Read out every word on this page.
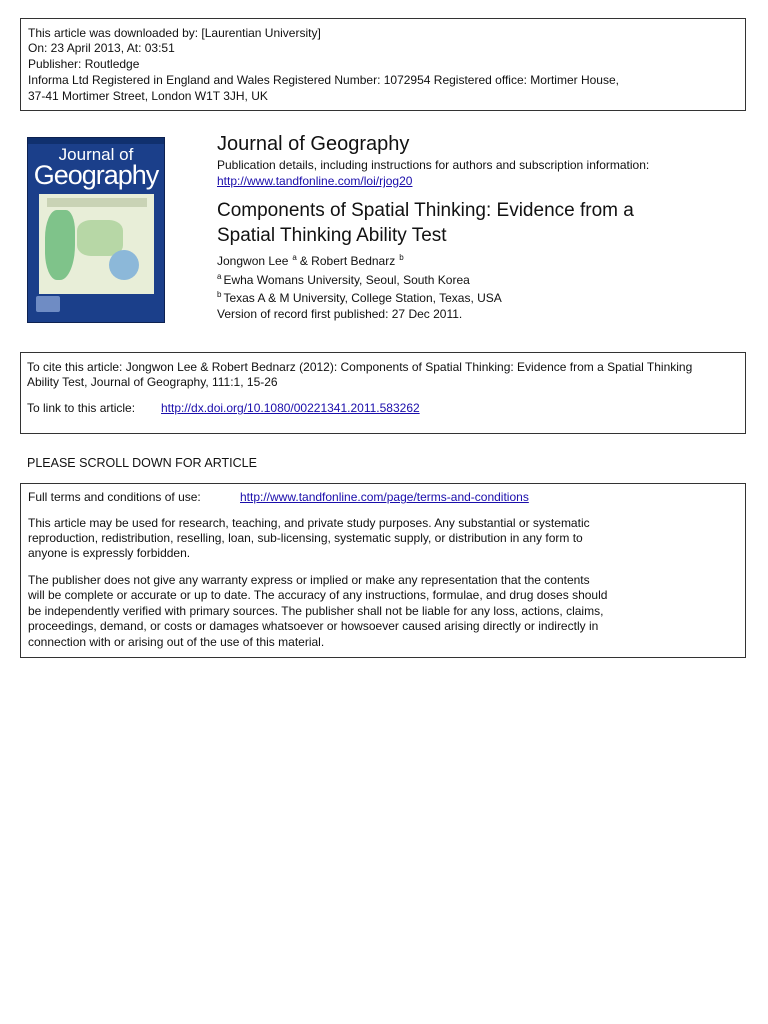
This article was downloaded by: [Laurentian University]
On: 23 April 2013, At: 03:51
Publisher: Routledge
Informa Ltd Registered in England and Wales Registered Number: 1072954 Registered office: Mortimer House,
37-41 Mortimer Street, London W1T 3JH, UK
Journal of
Geography
Journal of Geography
Publication details, including instructions for authors and subscription information:
http://www.tandfonline.com/loi/rjog20
Components of Spatial Thinking: Evidence from a
Spatial Thinking Ability Test
Jongwon Lee $^a$ & Robert Bednarz $^b$
$^a$ Ewha Womans University, Seoul, South Korea
$^b$ Texas A & M University, College Station, Texas, USA
Version of record first published: 27 Dec 2011.
To cite this article: Jongwon Lee & Robert Bednarz (2012): Components of Spatial Thinking: Evidence from a Spatial Thinking
Ability Test, Journal of Geography, 111:1, 15-26
To link to this article: http://dx.doi.org/10.1080/00221341.2011.583262
PLEASE SCROLL DOWN FOR ARTICLE
Full terms and conditions of use:	http://www.tandfonline.com/page/terms-and-conditions
This article may be used for research, teaching, and private study purposes. Any substantial or systematic
reproduction, redistribution, reselling, loan, sub-licensing, systematic supply, or distribution in any form to
anyone is expressly forbidden.
The publisher does not give any warranty express or implied or make any representation that the contents
will be complete or accurate or up to date. The accuracy of any instructions, formulae, and drug doses should
be independently verified with primary sources. The publisher shall not be liable for any loss, actions, claims,
proceedings, demand, or costs or damages whatsoever or howsoever caused arising directly or indirectly in
connection with or arising out of the use of this material.
